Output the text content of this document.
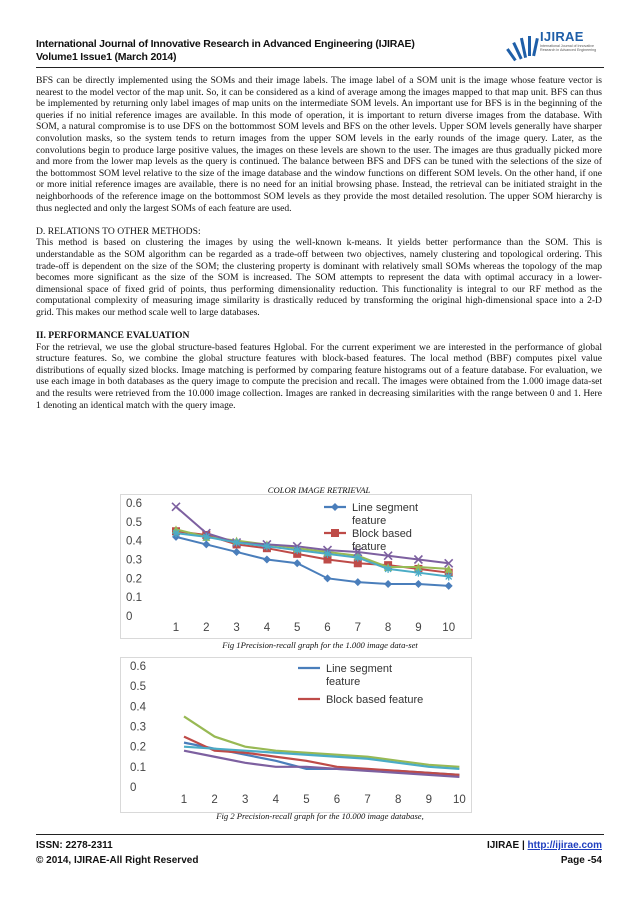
International Journal of Innovative Research in Advanced Engineering (IJIRAE)
Volume1 Issue1 (March 2014)
IJIRAE
International Journal of Innovative Research in Advanced Engineering

BFS can be directly implemented using the SOMs and their image labels. The image label of a SOM unit is the image whose feature vector is nearest to the model vector of the map unit. So, it can be considered as a kind of average among the images mapped to that map unit. BFS can thus be implemented by returning only label images of map units on the intermediate SOM levels. An important use for BFS is in the beginning of the queries if no initial reference images are available. In this mode of operation, it is important to return diverse images from the database. With SOM, a natural compromise is to use DFS on the bottommost SOM levels and BFS on the other levels. Upper SOM levels generally have sharper convolution masks, so the system tends to return images from the upper SOM levels in the early rounds of the image query. Later, as the convolutions begin to produce large positive values, the images on these levels are shown to the user. The images are thus gradually picked more and more from the lower map levels as the query is continued. The balance between BFS and DFS can be tuned with the selections of the size of the bottommost SOM level relative to the size of the image database and the window functions on different SOM levels. On the other hand, if one or more initial reference images are available, there is no need for an initial browsing phase. Instead, the retrieval can be initiated straight in the neighborhoods of the reference image on the bottommost SOM levels as they provide the most detailed resolution. The upper SOM hierarchy is thus neglected and only the largest SOMs of each feature are used.

D. RELATIONS TO OTHER METHODS:

This method is based on clustering the images by using the well-known k-means. It yields better performance than the SOM. This is understandable as the SOM algorithm can be regarded as a trade-off between two objectives, namely clustering and topological ordering. This trade-off is dependent on the size of the SOM; the clustering property is dominant with relatively small SOMs whereas the topology of the map becomes more significant as the size of the SOM is increased. The SOM attempts to represent the data with optimal accuracy in a lower-dimensional space of fixed grid of points, thus performing dimensionality reduction. This functionality is integral to our RF method as the computational complexity of measuring image similarity is drastically reduced by transforming the original high-dimensional space into a 2-D grid. This makes our method scale well to large databases.

II. PERFORMANCE EVALUATION

For the retrieval, we use the global structure-based features Hglobal. For the current experiment we are interested in the performance of global structure features. So, we combine the global structure features with block-based features. The local method (BBF) computes pixel value distributions of equally sized blocks. Image matching is performed by comparing feature histograms out of a feature database. For evaluation, we use each image in both databases as the query image to compute the precision and recall. The images were obtained from the 1.000 image data-set and the results were retrieved from the 10.000 image collection. Images are ranked in decreasing similarities with the range between 0 and 1. Here 1 denoting an identical match with the query image.

COLOR IMAGE RETRIEVAL
0
0.1
0.2
0.3
0.4
0.5
0.6
1 2 3 4 5 6 7 8 9 10
Line segment
feature
Block based
feature
Fig 1Precision-recall graph for the 1.000 image data-set
0
0.1
0.2
0.3
0.4
0.5
0.6
1 2 3 4 5 6 7 8 9 10
Line segment
feature
Block based feature
Fig 2 Precision-recall graph for the 10.000 image database,
ISSN: 2278-2311
© 2014, IJIRAE-All Right Reserved
IJIRAE | http://ijirae.com
Page -54
